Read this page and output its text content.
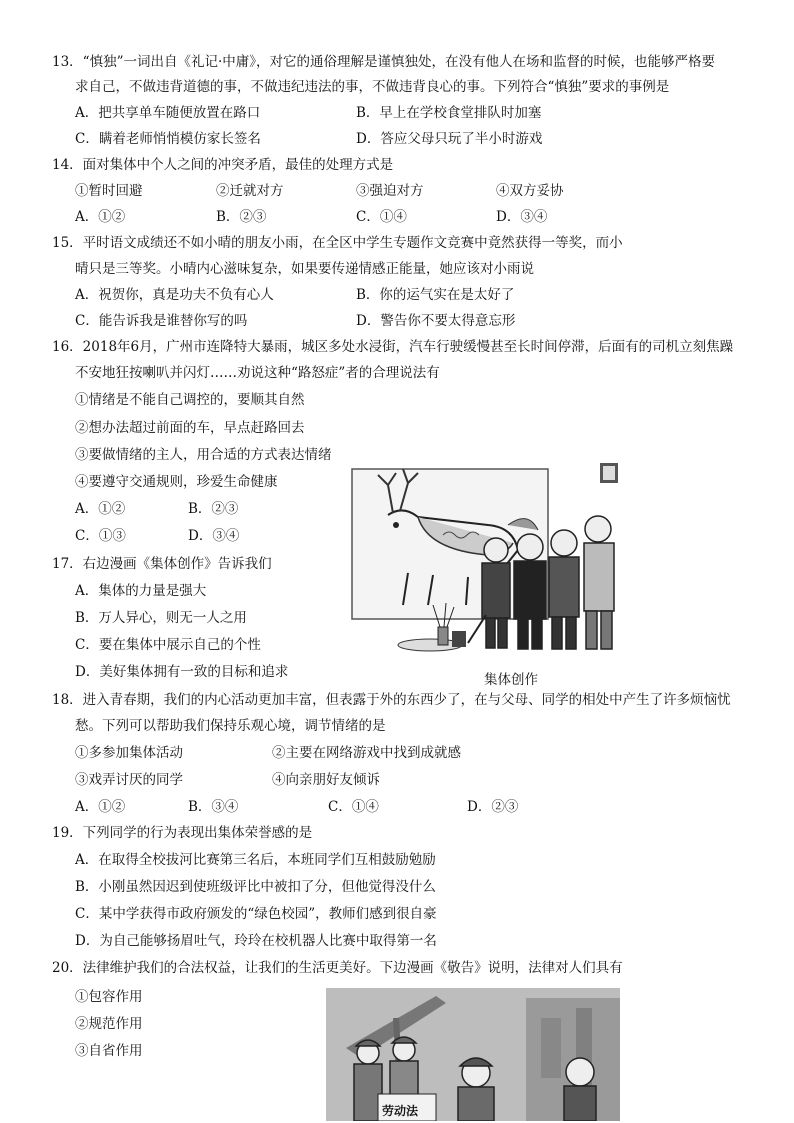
13．“慎独”一词出自《礼记·中庸》，对它的通俗理解是谨慎独处，在没有他人在场和监督的时候，也能够严格要
求自己，不做违背道德的事，不做违纪违法的事，不做违背良心的事。下列符合“慎独”要求的事例是
A．把共享单车随便放置在路口	B．早上在学校食堂排队时加塞
C．瞒着老师悄悄模仿家长签名	D．答应父母只玩了半小时游戏
14．面对集体中个人之间的冲突矛盾，最佳的处理方式是
①暂时回避	②迁就对方	③强迫对方	④双方妥协
A．①②	B．②③	C．①④	D．③④
15．平时语文成绩还不如小晴的朋友小雨，在全区中学生专题作文竞赛中竟然获得一等奖，而小
晴只是三等奖。小晴内心滋味复杂，如果要传递情感正能量，她应该对小雨说
A．祝贺你，真是功夫不负有心人	B．你的运气实在是太好了
C．能告诉我是谁替你写的吗	D．警告你不要太得意忘形
16．2018年6月，广州市连降特大暴雨，城区多处水浸街，汽车行驶缓慢甚至长时间停滞，后面有的司机立刻焦躁
不安地狂按喇叭并闪灯……劝说这种“路怒症”者的合理说法有
①情绪是不能自己调控的，要顺其自然
②想办法超过前面的车，早点赶路回去
③要做情绪的主人，用合适的方式表达情绪
④要遵守交通规则，珍爱生命健康
A．①②	B．②③
C．①③	D．③④
集体创作
17．右边漫画《集体创作》告诉我们
A．集体的力量是强大
B．万人异心，则无一人之用
C．要在集体中展示自己的个性
D．美好集体拥有一致的目标和追求
18．进入青春期，我们的内心活动更加丰富，但表露于外的东西少了，在与父母、同学的相处中产生了许多烦恼忧
愁。下列可以帮助我们保持乐观心境，调节情绪的是
①多参加集体活动	②主要在网络游戏中找到成就感
③戏弄讨厌的同学	④向亲朋好友倾诉
A．①②	B．③④	C．①④	D．②③
19．下列同学的行为表现出集体荣誉感的是
A．在取得全校拔河比赛第三名后，本班同学们互相鼓励勉励
B．小刚虽然因迟到使班级评比中被扣了分，但他觉得没什么
C．某中学获得市政府颁发的“绿色校园”，教师们感到很自豪
D．为自己能够扬眉吐气，玲玲在校机器人比赛中取得第一名
20．法律维护我们的合法权益，让我们的生活更美好。下边漫画《敬告》说明，法律对人们具有
①包容作用
②规范作用
③自省作用
劳动法
